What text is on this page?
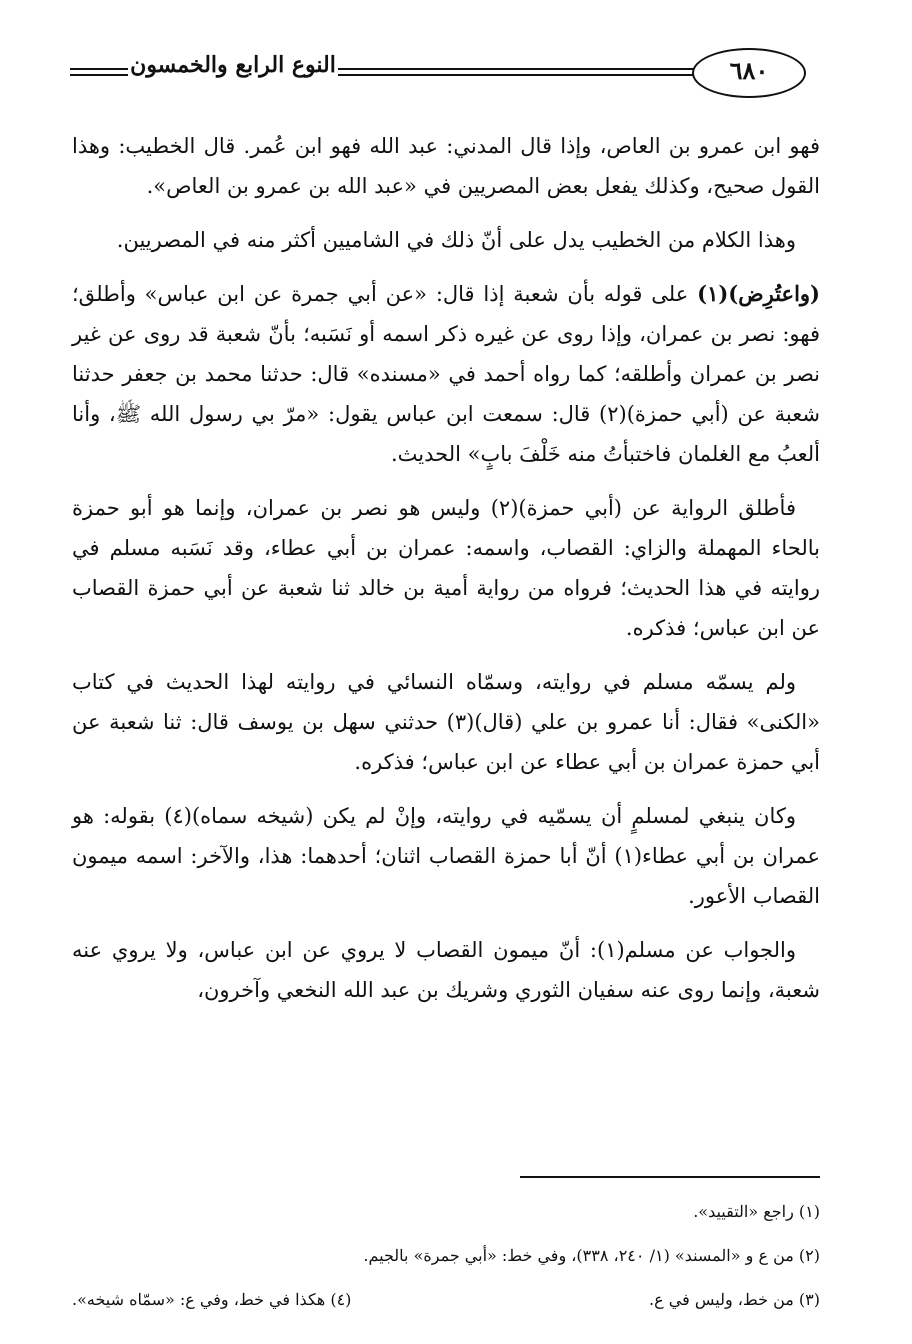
النوع الرابع والخمسون	٦٨٠

فهو ابن عمرو بن العاص، وإذا قال المدني: عبد الله فهو ابن عُمر. قال الخطيب: وهذا القول صحيح، وكذلك يفعل بعض المصريين في «عبد الله بن عمرو بن العاص».

وهذا الكلام من الخطيب يدل على أنّ ذلك في الشاميين أكثر منه في المصريين.

(واعتُرِض)(١) على قوله بأن شعبة إذا قال: «عن أبي جمرة عن ابن عباس» وأطلق؛ فهو: نصر بن عمران، وإذا روى عن غيره ذكر اسمه أو نَسَبه؛ بأنّ شعبة قد روى عن غير نصر بن عمران وأطلقه؛ كما رواه أحمد في «مسنده» قال: حدثنا محمد بن جعفر حدثنا شعبة عن (أبي حمزة)(٢) قال: سمعت ابن عباس يقول: «مرّ بي رسول الله ﷺ، وأنا ألعبُ مع الغلمان فاختبأتُ منه خَلْفَ بابٍ» الحديث.

فأطلق الرواية عن (أبي حمزة)(٢) وليس هو نصر بن عمران، وإنما هو أبو حمزة بالحاء المهملة والزاي: القصاب، واسمه: عمران بن أبي عطاء، وقد نَسَبه مسلم في روايته في هذا الحديث؛ فرواه من رواية أمية بن خالد ثنا شعبة عن أبي حمزة القصاب عن ابن عباس؛ فذكره.

ولم يسمّه مسلم في روايته، وسمّاه النسائي في روايته لهذا الحديث في كتاب «الكنى» فقال: أنا عمرو بن علي (قال)(٣) حدثني سهل بن يوسف قال: ثنا شعبة عن أبي حمزة عمران بن أبي عطاء عن ابن عباس؛ فذكره.

وكان ينبغي لمسلمٍ أن يسمّيه في روايته، وإنْ لم يكن (شيخه سماه)(٤) بقوله: هو عمران بن أبي عطاء(١) أنّ أبا حمزة القصاب اثنان؛ أحدهما: هذا، والآخر: اسمه ميمون القصاب الأعور.

والجواب عن مسلم(١): أنّ ميمون القصاب لا يروي عن ابن عباس، ولا يروي عنه شعبة، وإنما روى عنه سفيان الثوري وشريك بن عبد الله النخعي وآخرون،

(١) راجع «التقييد».
(٢) من ع و «المسند» (١/ ٢٤٠، ٣٣٨)، وفي خط: «أبي جمرة» بالجيم.
(٣) من خط، وليس في ع.
(٤) هكذا في خط، وفي ع: «سمّاه شيخه».
